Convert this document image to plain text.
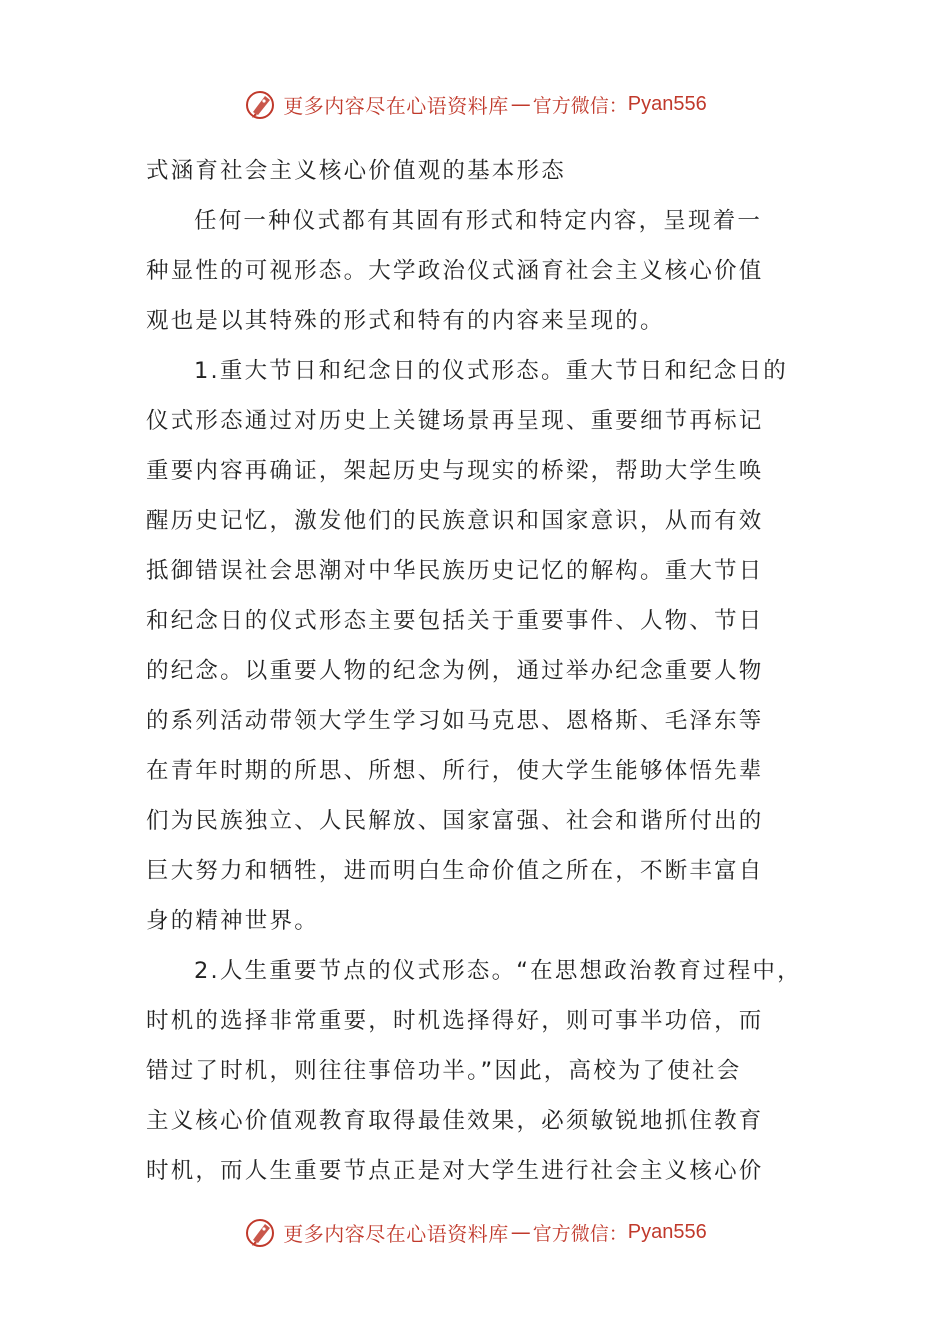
更多内容尽在心语资料库 — 官方微信： Pyan556
式涵育社会主义核心价值观的基本形态
任何一种仪式都有其固有形式和特定内容，呈现着一
种显性的可视形态。大学政治仪式涵育社会主义核心价值
观也是以其特殊的形式和特有的内容来呈现的。
1.重大节日和纪念日的仪式形态。重大节日和纪念日的
仪式形态通过对历史上关键场景再呈现、重要细节再标记
重要内容再确证，架起历史与现实的桥梁，帮助大学生唤
醒历史记忆，激发他们的民族意识和国家意识，从而有效
抵御错误社会思潮对中华民族历史记忆的解构。重大节日
和纪念日的仪式形态主要包括关于重要事件、人物、节日
的纪念。以重要人物的纪念为例，通过举办纪念重要人物
的系列活动带领大学生学习如马克思、恩格斯、毛泽东等
在青年时期的所思、所想、所行，使大学生能够体悟先辈
们为民族独立、人民解放、国家富强、社会和谐所付出的
巨大努力和牺牲，进而明白生命价值之所在，不断丰富自
身的精神世界。
2.人生重要节点的仪式形态。“在思想政治教育过程中，
时机的选择非常重要，时机选择得好，则可事半功倍，而
错过了时机，则往往事倍功半。”因此，高校为了使社会
主义核心价值观教育取得最佳效果，必须敏锐地抓住教育
时机，而人生重要节点正是对大学生进行社会主义核心价
更多内容尽在心语资料库 — 官方微信： Pyan556
